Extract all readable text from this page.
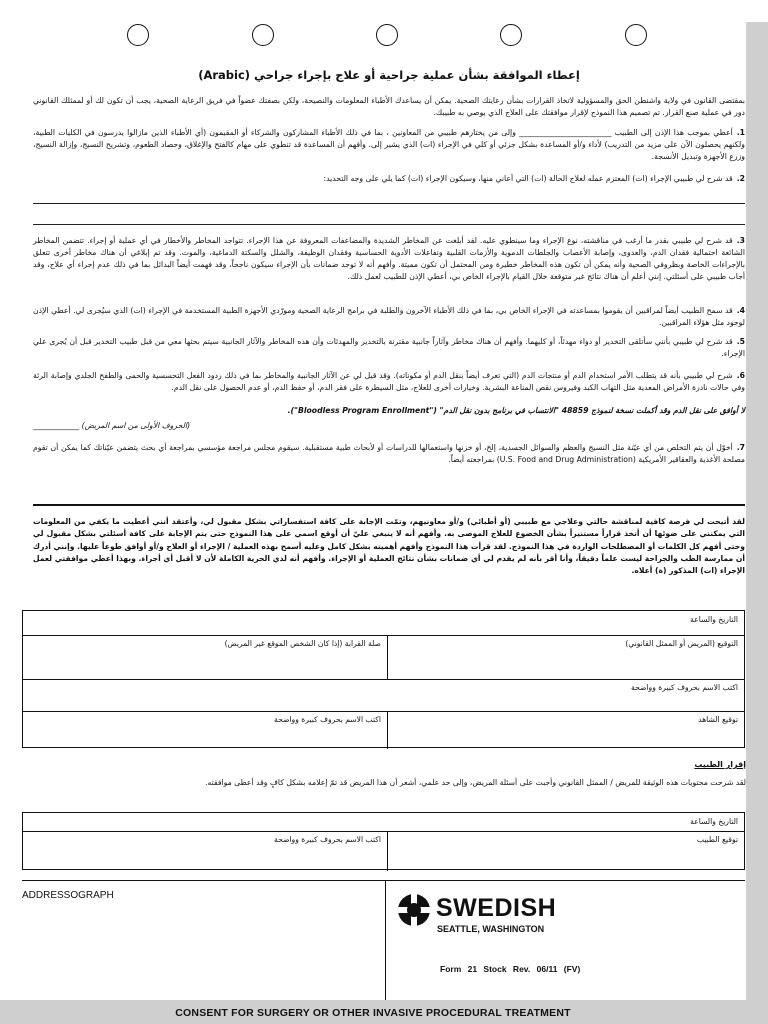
إعطاء الموافقة بشأن عملية جراحية أو علاج بإجراء جراحي (Arabic)
بمقتضى القانون في ولاية واشنطن الحق والمسؤولية لاتخاذ القرارات بشأن رعايتك الصحية. يمكن أن يساعدك الأطباء المعلومات والنصيحة، ولكن بصفتك عضواً في فريق الرعاية الصحية، يجب أن تكون لك أو لممثلك القانوني دور في عملية صنع القرار. تم تصميم هذا النموذج لإقرار موافقتك على العلاج الذي يوصي به طبيبك.
1.أعطي بموجب هذا الإذن إلى الطبيب ________________________ وإلى من يختارهم طبيبي من المعاونين ، بما في ذلك الأطباء المشاركون والشركاء أو المقيمون (أي الأطباء الذين مازالوا يدرسون في الكليات الطبية، ولكنهم يحصلون الآن على مزيد من التدريب) لأداء و/أو المساعدة بشكل جزئي أو كلي في الإجراء (ات) الذي يشير إلى. وأفهم أن المساعدة قد تنطوي على مهام كالفتح والإغلاق، وحصاد الطعوم، وتشريح النسيج، وإزالة النسيج، وزرع الأجهزة وتبديل الأنسجة.
2.قد شرح لي طبيبي الإجراء (ات) المعتزم عمله لعلاج الحالة (ات) التي أعاني منها، وسيكون الإجراء (ات) كما يلي على وجه التحديد:
3.قد شرح لي طبيبي بقدر ما أرغب في مناقشته، نوع الإجراء وما سينطوي عليه. لقد أبلغت عن المخاطر الشديدة والمضاعفات المعروفة عن هذا الإجراء. تتواجد المخاطر والأخطار في أي عملية أو إجراء. تتضمن المخاطر الشائعة احتمالية فقدان الدم، والعدوى، وإصابة الأعصاب والجلطات الدموية والأزمات القلبية وتفاعلات الأدوية الحساسية وفقدان الوظيفة، والشلل والسكتة الدماغية، والموت. وقد تم إبلاغي أن هناك مخاطر أخرى تتعلق بالإجراءات الخاصة وبظروفي الصحية وأنه يمكن أن تكون هذه المخاطر خطيرة ومن المحتمل أن تكون مميتة. وأفهم أنه لا توجد ضمانات بأن الإجراء سيكون ناجحاً، وقد فهمت أيضاً البدائل بما في ذلك عدم إجراء أي علاج، وقد أجاب طبيبي على أسئلتي. إنني أعلم أن هناك نتائج غير متوقعة خلال القيام بالإجراء الخاص بي، أعطي الإذن للطبيب لعمل ذلك.
4.قد سمح الطبيب أيضاً لمراقبين أن يقوموا بمساعدته في الإجراء الخاص بي، بما في ذلك الأطباء الآخرون والطلبة في برامج الرعاية الصحية ومورّدي الأجهزة الطبية المستخدمة في الإجراء (ات) الذي سيُجرى لي. أعطي الإذن لوجود مثل هؤلاء المراقبين.
5.قد شرح لي طبيبي بأنني سأتلقى التخدير أو دواء مهدئاً، أو كليهما. وأفهم أن هناك مخاطر وآثاراً جانبية مقترنة بالتخدير والمهدئات وأن هذه المخاطر والآثار الجانبية سيتم بحثها معي من قبل طبيب التخدير قبل أن يُجرى علي الإجراء.
6.شرح لي طبيبي بأنه قد يتطلب الأمر استخدام الدم أو منتجات الدم (التي تعرف أيضاً بنقل الدم أو مكوناته). وقد قيل لي عن الآثار الجانبية والمخاطر بما في ذلك ردود الفعل التحسسية والحمى والطفح الجلدي وإصابة الرئة وفي حالات نادرة الأمراض المعدية مثل التهاب الكبد وفيروس نقص المناعة البشرية. وخيارات أخرى للعلاج، مثل السيطرة على فقر الدم، أو حفظ الدم، أو عدم الحصول على نقل الدم.
لا أوافق على نقل الدم وقد أكملت نسخة لنموذج 48859 "الانتساب في برنامج بدون نقل الدم" ("Bloodless Program Enrollment").
(الحروف الأولى من اسم المريض) ____________
7.أخوّل أن يتم التخلص من أي عيّنة مثل النسيج والعظم والسوائل الجسدية، إلخ، أو خزنها واستعمالها للدراسات أو لأبحاث طبية مستقبلية. سيقوم مجلس مراجعة مؤسسي بمراجعة أي بحث يتضمن عيّناتك كما يمكن أن تقوم مصلحة الأغذية والعقاقير الأمريكية (U.S. Food and Drug Administration) بمراجعته أيضاً.
لقد أتيحت لي فرصة كافية لمناقشة حالتي وعلاجي مع طبيبي (أو أطبائي) و/أو معاونيهم، وتمّت الإجابة على كافة استفساراتي بشكل مقبول لي، وأعتقد أنني أعطيت ما يكفي من المعلومات التي يمكنني على ضوئها أن أتخذ قراراً مستنيراً بشأن الخضوع للعلاج الموصى به. وأفهم أنه لا ينبغي عليّ أن أوقع اسمي على هذا النموذج حتى يتم الإجابة على كافة أسئلتي بشكل مقبول لي وحتى أفهم كل الكلمات أو المصطلحات الواردة في هذا النموذج. لقد قرأت هذا النموذج وأفهم أهميته بشكل كامل وعليه أسمح بهذه العملية / الإجراء أو العلاج و/أو أوافق طوعاً عليها. وإنني أدرك أن ممارسة الطب والجراحة ليست علماً دقيقاً، وأنا أقر بأنه لم يقدم لي أي ضمانات بشأن نتائج العملية أو الإجراء. وأفهم أنه لدي الحرية الكاملة لأن لا أقبل أي أجراء. وبهذا أعطي موافقتي لعمل الإجراء (ات) المذكور (ة) أعلاه.
التاريخ والساعة
التوقيع (المريض أو الممثل القانوني)
صلة القرابة (إذا كان الشخص الموقع غير المريض)
اكتب الاسم بحروف كبيرة وواضحة
توقيع الشاهد
اكتب الاسم بحروف كبيرة وواضحة
إقرار الطبيب
لقد شرحت محتويات هذه الوثيقة للمريض / الممثل القانوني وأجبت على أسئلة المريض، وإلى حد علمي، أشعر أن هذا المريض قد تمّ إعلامه بشكل كافٍ وقد أعطى موافقته.
التاريخ والساعة
توقيع الطبيب
اكتب الاسم بحروف كبيرة وواضحة
ADDRESSOGRAPH	SWEDISH
SEATTLE, WASHINGTON
Form 21 Stock Rev. 06/11 (FV)
CONSENT FOR SURGERY OR OTHER INVASIVE PROCEDURAL TREATMENT
